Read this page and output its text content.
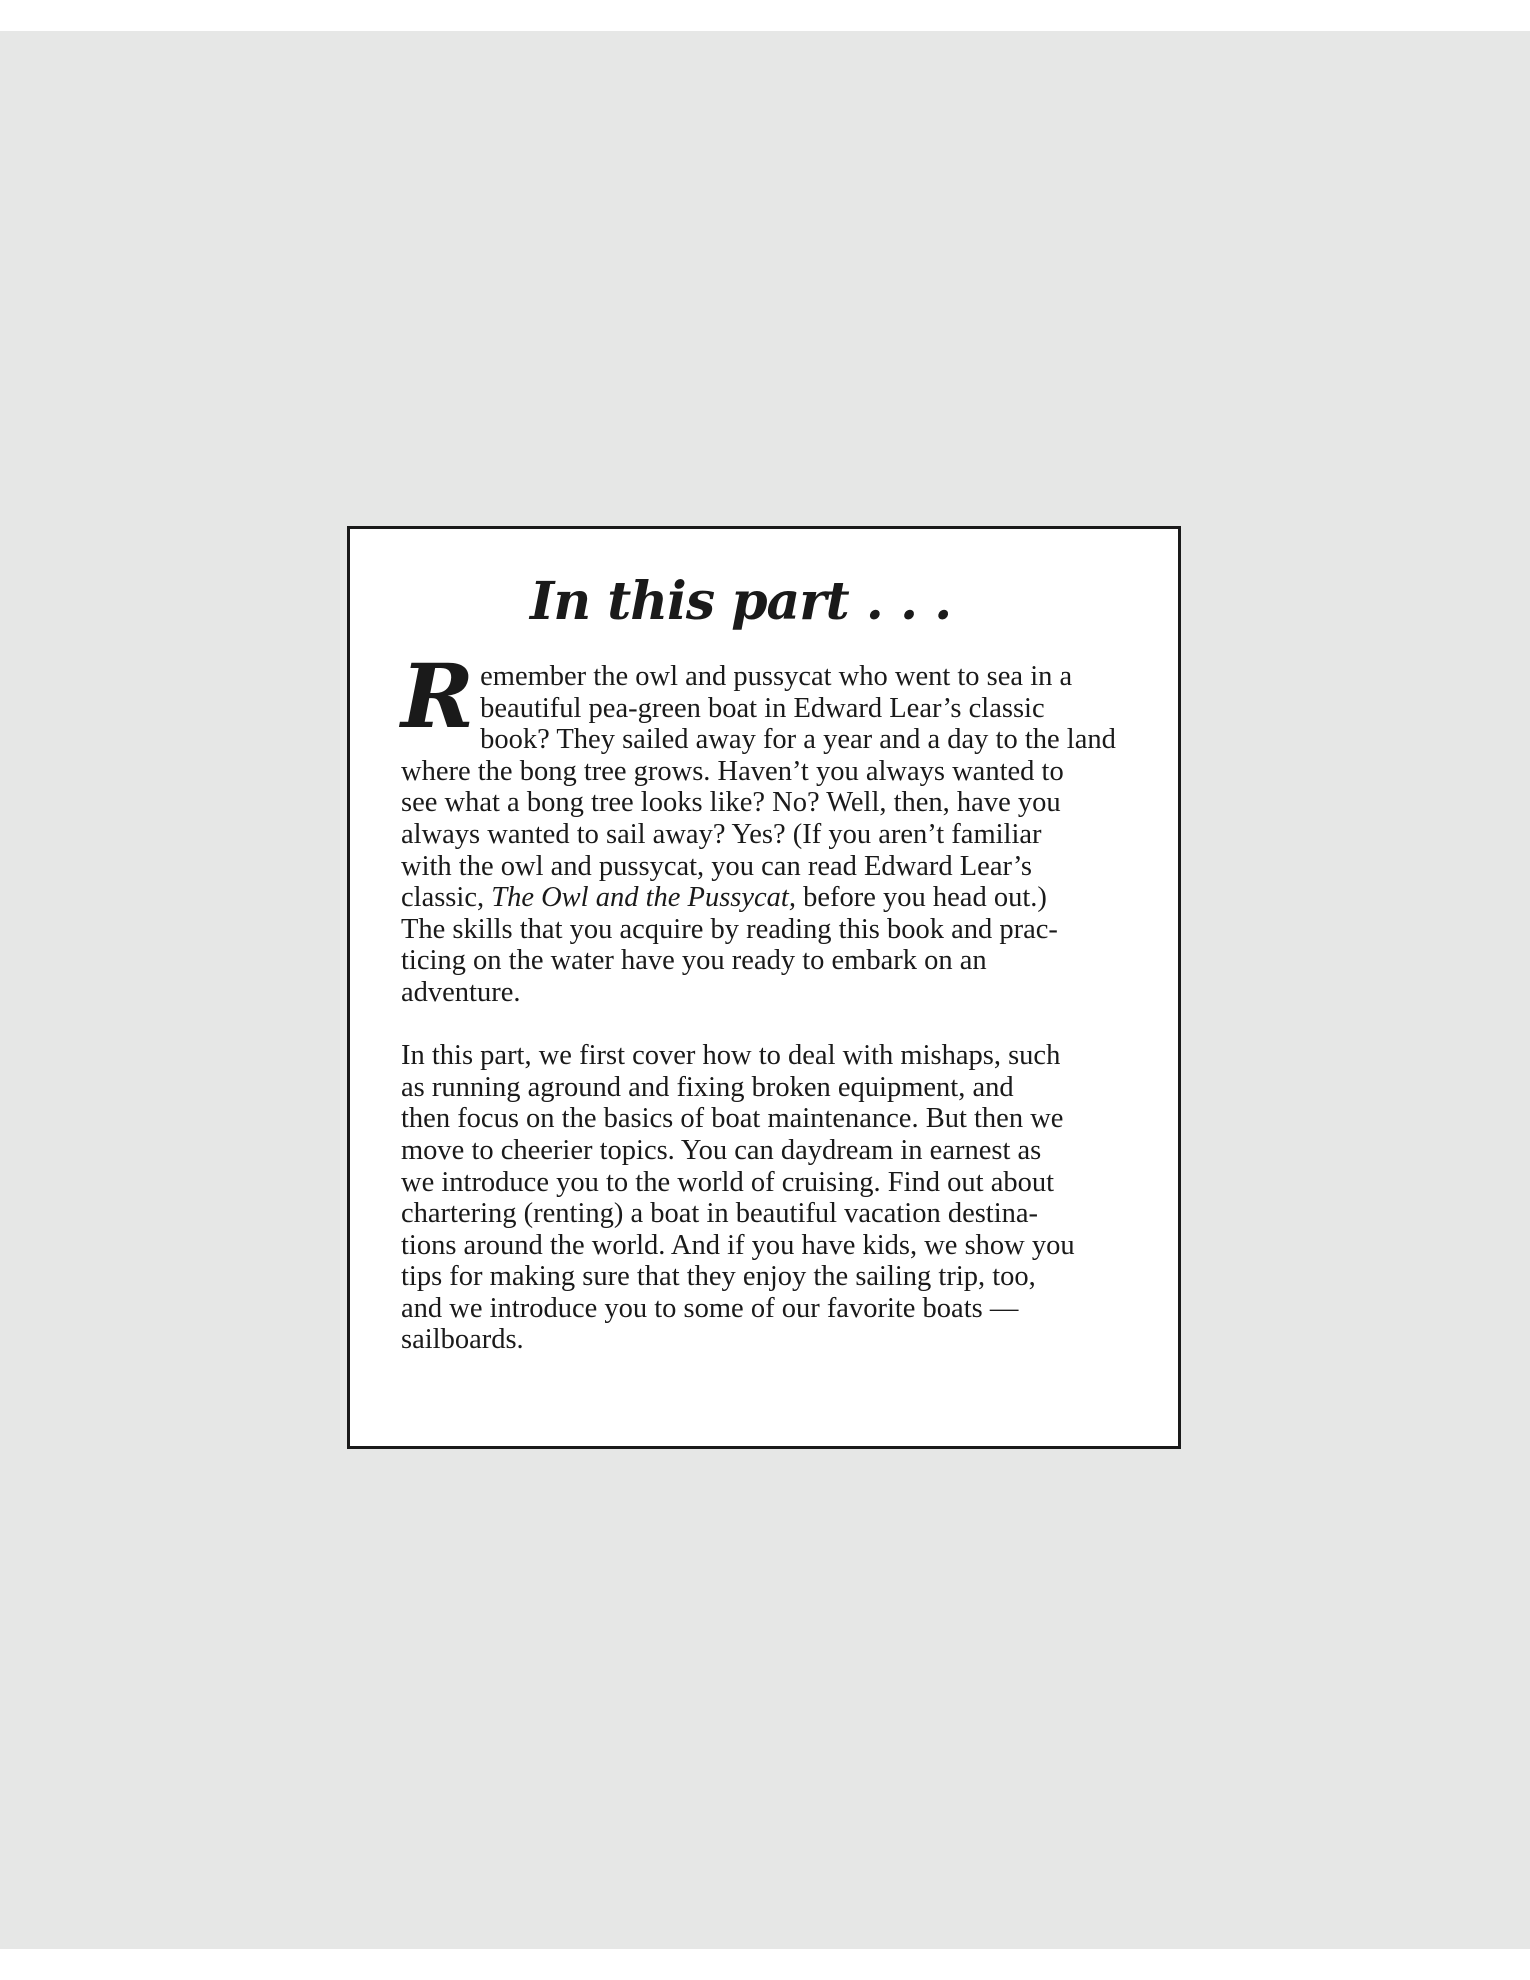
In this part . . .

Remember the owl and pussycat who went to sea in a
beautiful pea-green boat in Edward Lear’s classic
book? They sailed away for a year and a day to the land
where the bong tree grows. Haven’t you always wanted to
see what a bong tree looks like? No? Well, then, have you
always wanted to sail away? Yes? (If you aren’t familiar
with the owl and pussycat, you can read Edward Lear’s
classic, The Owl and the Pussycat, before you head out.)
The skills that you acquire by reading this book and prac-
ticing on the water have you ready to embark on an
adventure.

In this part, we first cover how to deal with mishaps, such
as running aground and fixing broken equipment, and
then focus on the basics of boat maintenance. But then we
move to cheerier topics. You can daydream in earnest as
we introduce you to the world of cruising. Find out about
chartering (renting) a boat in beautiful vacation destina-
tions around the world. And if you have kids, we show you
tips for making sure that they enjoy the sailing trip, too,
and we introduce you to some of our favorite boats —
sailboards.
